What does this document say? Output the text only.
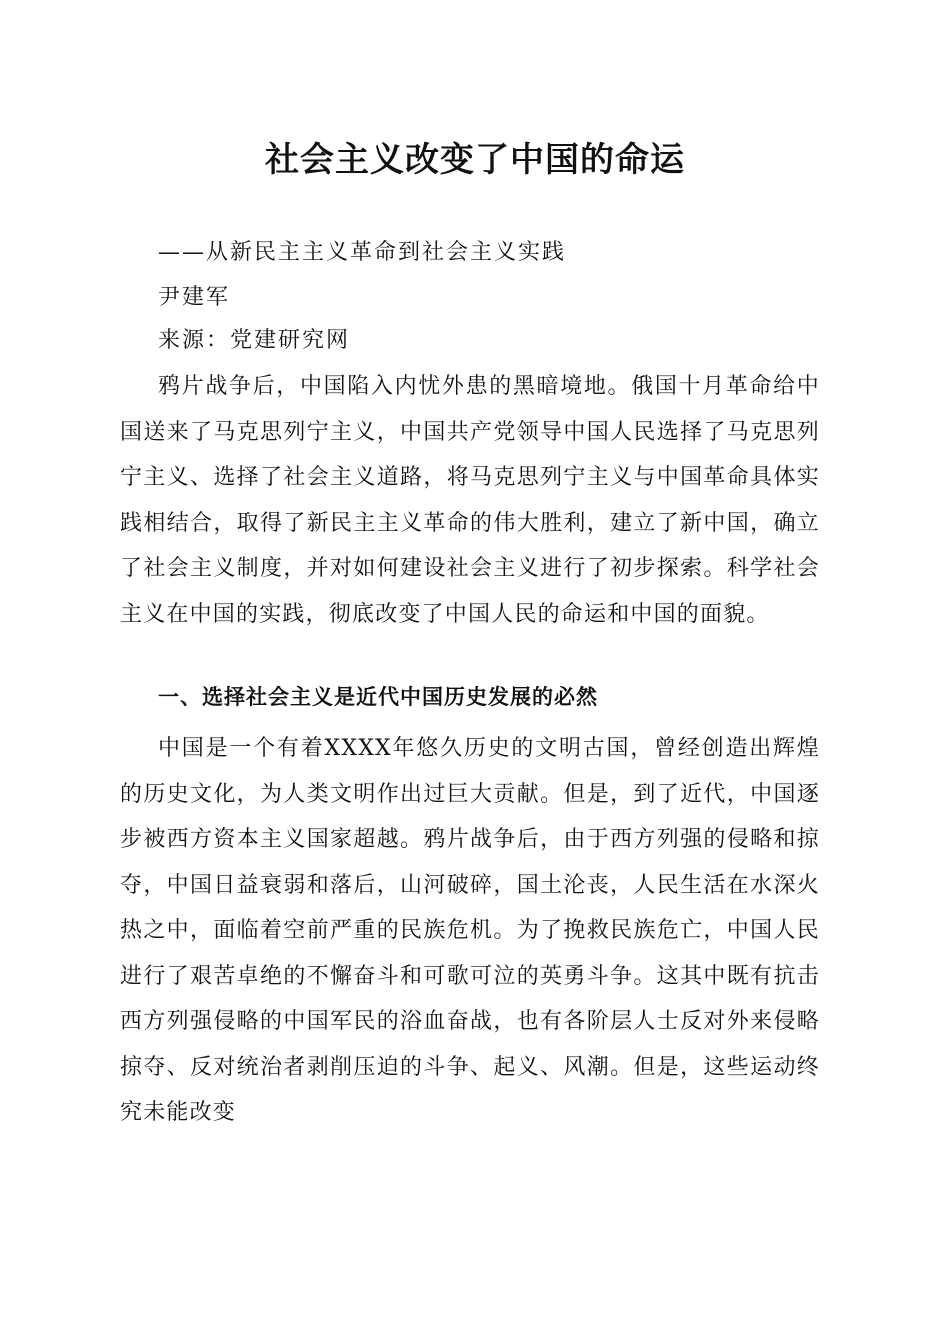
社会主义改变了中国的命运
——从新民主主义革命到社会主义实践
尹建军
来源：党建研究网
鸦片战争后，中国陷入内忧外患的黑暗境地。俄国十月革命给中国送来了马克思列宁主义，中国共产党领导中国人民选择了马克思列宁主义、选择了社会主义道路，将马克思列宁主义与中国革命具体实践相结合，取得了新民主主义革命的伟大胜利，建立了新中国，确立了社会主义制度，并对如何建设社会主义进行了初步探索。科学社会主义在中国的实践，彻底改变了中国人民的命运和中国的面貌。
一、选择社会主义是近代中国历史发展的必然
中国是一个有着XXXX年悠久历史的文明古国，曾经创造出辉煌的历史文化，为人类文明作出过巨大贡献。但是，到了近代，中国逐步被西方资本主义国家超越。鸦片战争后，由于西方列强的侵略和掠夺，中国日益衰弱和落后，山河破碎，国土沦丧，人民生活在水深火热之中，面临着空前严重的民族危机。为了挽救民族危亡，中国人民进行了艰苦卓绝的不懈奋斗和可歌可泣的英勇斗争。这其中既有抗击西方列强侵略的中国军民的浴血奋战，也有各阶层人士反对外来侵略掠夺、反对统治者剥削压迫的斗争、起义、风潮。但是，这些运动终究未能改变
